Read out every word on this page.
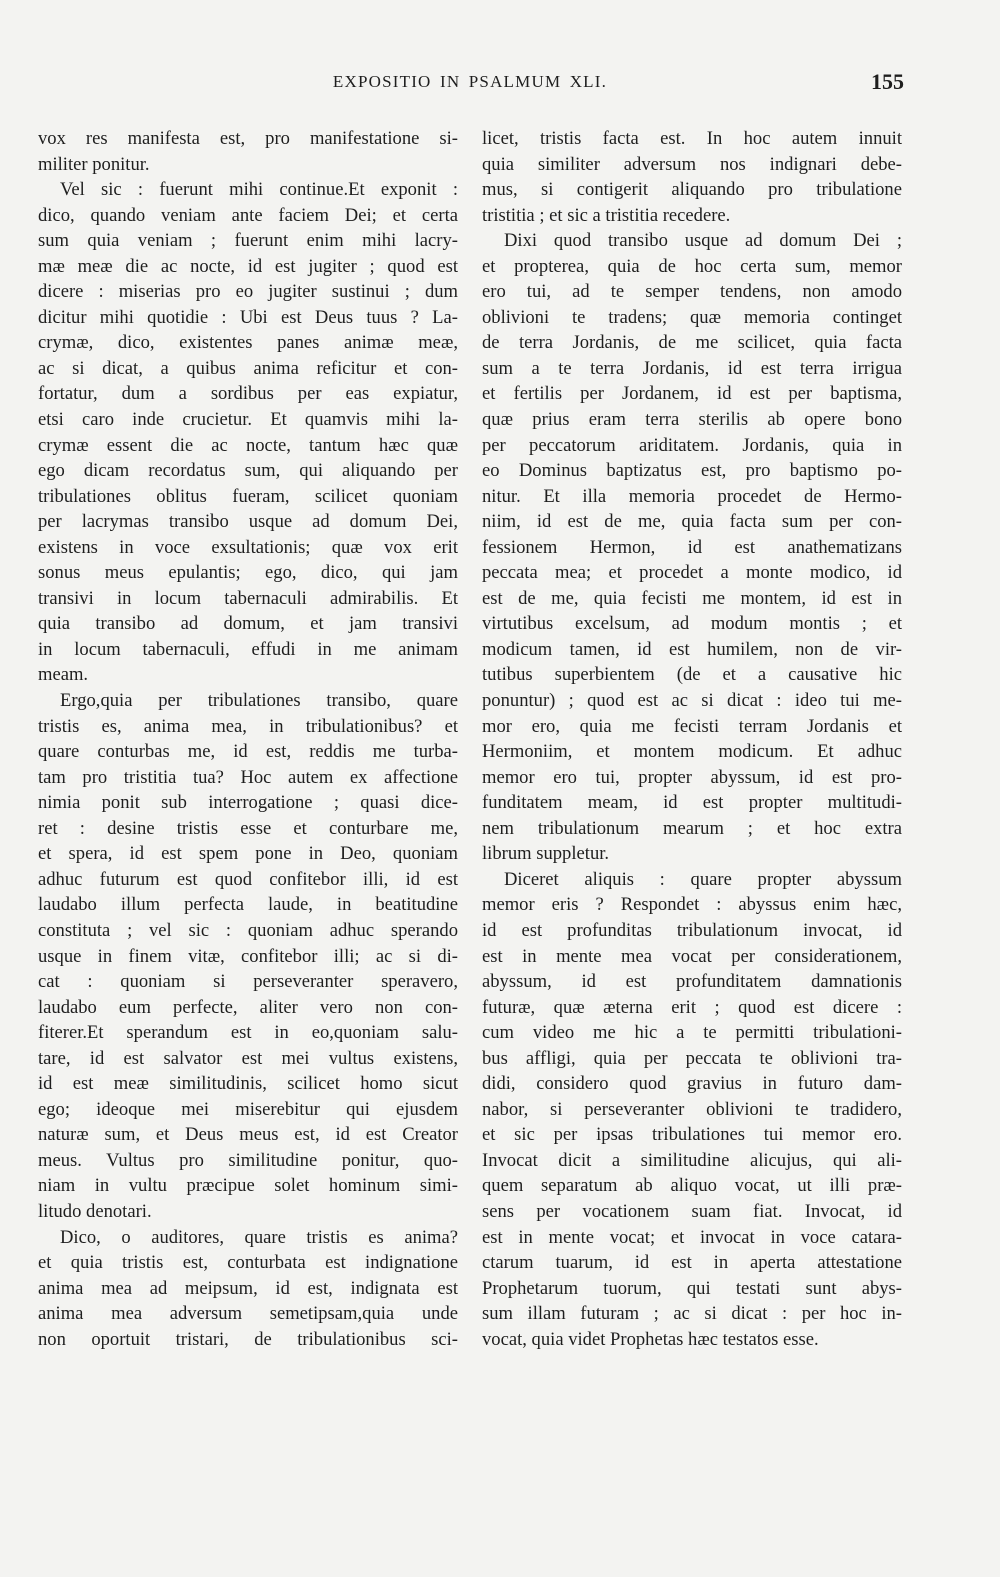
EXPOSITIO IN PSALMUM XLI.	155
vox res manifesta est, pro manifestatione si-
militer ponitur.
Vel sic : fuerunt mihi continue.Et exponit :
dico, quando veniam ante faciem Dei; et certa
sum quia veniam ; fuerunt enim mihi lacry-
mæ meæ die ac nocte, id est jugiter ; quod est
dicere : miserias pro eo jugiter sustinui ; dum
dicitur mihi quotidie : Ubi est Deus tuus ? La-
crymæ, dico, existentes panes animæ meæ,
ac si dicat, a quibus anima reficitur et con-
fortatur, dum a sordibus per eas expiatur,
etsi caro inde crucietur. Et quamvis mihi la-
crymæ essent die ac nocte, tantum hæc quæ
ego dicam recordatus sum, qui aliquando per
tribulationes oblitus fueram, scilicet quoniam
per lacrymas transibo usque ad domum Dei,
existens in voce exsultationis; quæ vox erit
sonus meus epulantis; ego, dico, qui jam
transivi in locum tabernaculi admirabilis. Et
quia transibo ad domum, et jam transivi
in locum tabernaculi, effudi in me animam
meam.
Ergo,quia per tribulationes transibo, quare
tristis es, anima mea, in tribulationibus? et
quare conturbas me, id est, reddis me turba-
tam pro tristitia tua? Hoc autem ex affectione
nimia ponit sub interrogatione ; quasi dice-
ret : desine tristis esse et conturbare me,
et spera, id est spem pone in Deo, quoniam
adhuc futurum est quod confitebor illi, id est
laudabo illum perfecta laude, in beatitudine
constituta ; vel sic : quoniam adhuc sperando
usque in finem vitæ, confitebor illi; ac si di-
cat : quoniam si perseveranter speravero,
laudabo eum perfecte, aliter vero non con-
fiterer.Et sperandum est in eo,quoniam salu-
tare, id est salvator est mei vultus existens,
id est meæ similitudinis, scilicet homo sicut
ego; ideoque mei miserebitur qui ejusdem
naturæ sum, et Deus meus est, id est Creator
meus. Vultus pro similitudine ponitur, quo-
niam in vultu præcipue solet hominum simi-
litudo denotari.
Dico, o auditores, quare tristis es anima?
et quia tristis est, conturbata est indignatione
anima mea ad meipsum, id est, indignata est
anima mea adversum semetipsam,quia unde
non oportuit tristari, de tribulationibus sci-
licet, tristis facta est. In hoc autem innuit
quia similiter adversum nos indignari debe-
mus, si contigerit aliquando pro tribulatione
tristitia ; et sic a tristitia recedere.
Dixi quod transibo usque ad domum Dei ;
et propterea, quia de hoc certa sum, memor
ero tui, ad te semper tendens, non amodo
oblivioni te tradens; quæ memoria continget
de terra Jordanis, de me scilicet, quia facta
sum a te terra Jordanis, id est terra irrigua
et fertilis per Jordanem, id est per baptisma,
quæ prius eram terra sterilis ab opere bono
per peccatorum ariditatem. Jordanis, quia in
eo Dominus baptizatus est, pro baptismo po-
nitur. Et illa memoria procedet de Hermo-
niim, id est de me, quia facta sum per con-
fessionem Hermon, id est anathematizans
peccata mea; et procedet a monte modico, id
est de me, quia fecisti me montem, id est in
virtutibus excelsum, ad modum montis ; et
modicum tamen, id est humilem, non de vir-
tutibus superbientem (de et a causative hic
ponuntur) ; quod est ac si dicat : ideo tui me-
mor ero, quia me fecisti terram Jordanis et
Hermoniim, et montem modicum. Et adhuc
memor ero tui, propter abyssum, id est pro-
funditatem meam, id est propter multitudi-
nem tribulationum mearum ; et hoc extra
librum suppletur.
Diceret aliquis : quare propter abyssum
memor eris ? Respondet : abyssus enim hæc,
id est profunditas tribulationum invocat, id
est in mente mea vocat per considerationem,
abyssum, id est profunditatem damnationis
futuræ, quæ æterna erit ; quod est dicere :
cum video me hic a te permitti tribulationi-
bus affligi, quia per peccata te oblivioni tra-
didi, considero quod gravius in futuro dam-
nabor, si perseveranter oblivioni te tradidero,
et sic per ipsas tribulationes tui memor ero.
Invocat dicit a similitudine alicujus, qui ali-
quem separatum ab aliquo vocat, ut illi præ-
sens per vocationem suam fiat. Invocat, id
est in mente vocat; et invocat in voce catara-
ctarum tuarum, id est in aperta attestatione
Prophetarum tuorum, qui testati sunt abys-
sum illam futuram ; ac si dicat : per hoc in-
vocat, quia videt Prophetas hæc testatos esse.
